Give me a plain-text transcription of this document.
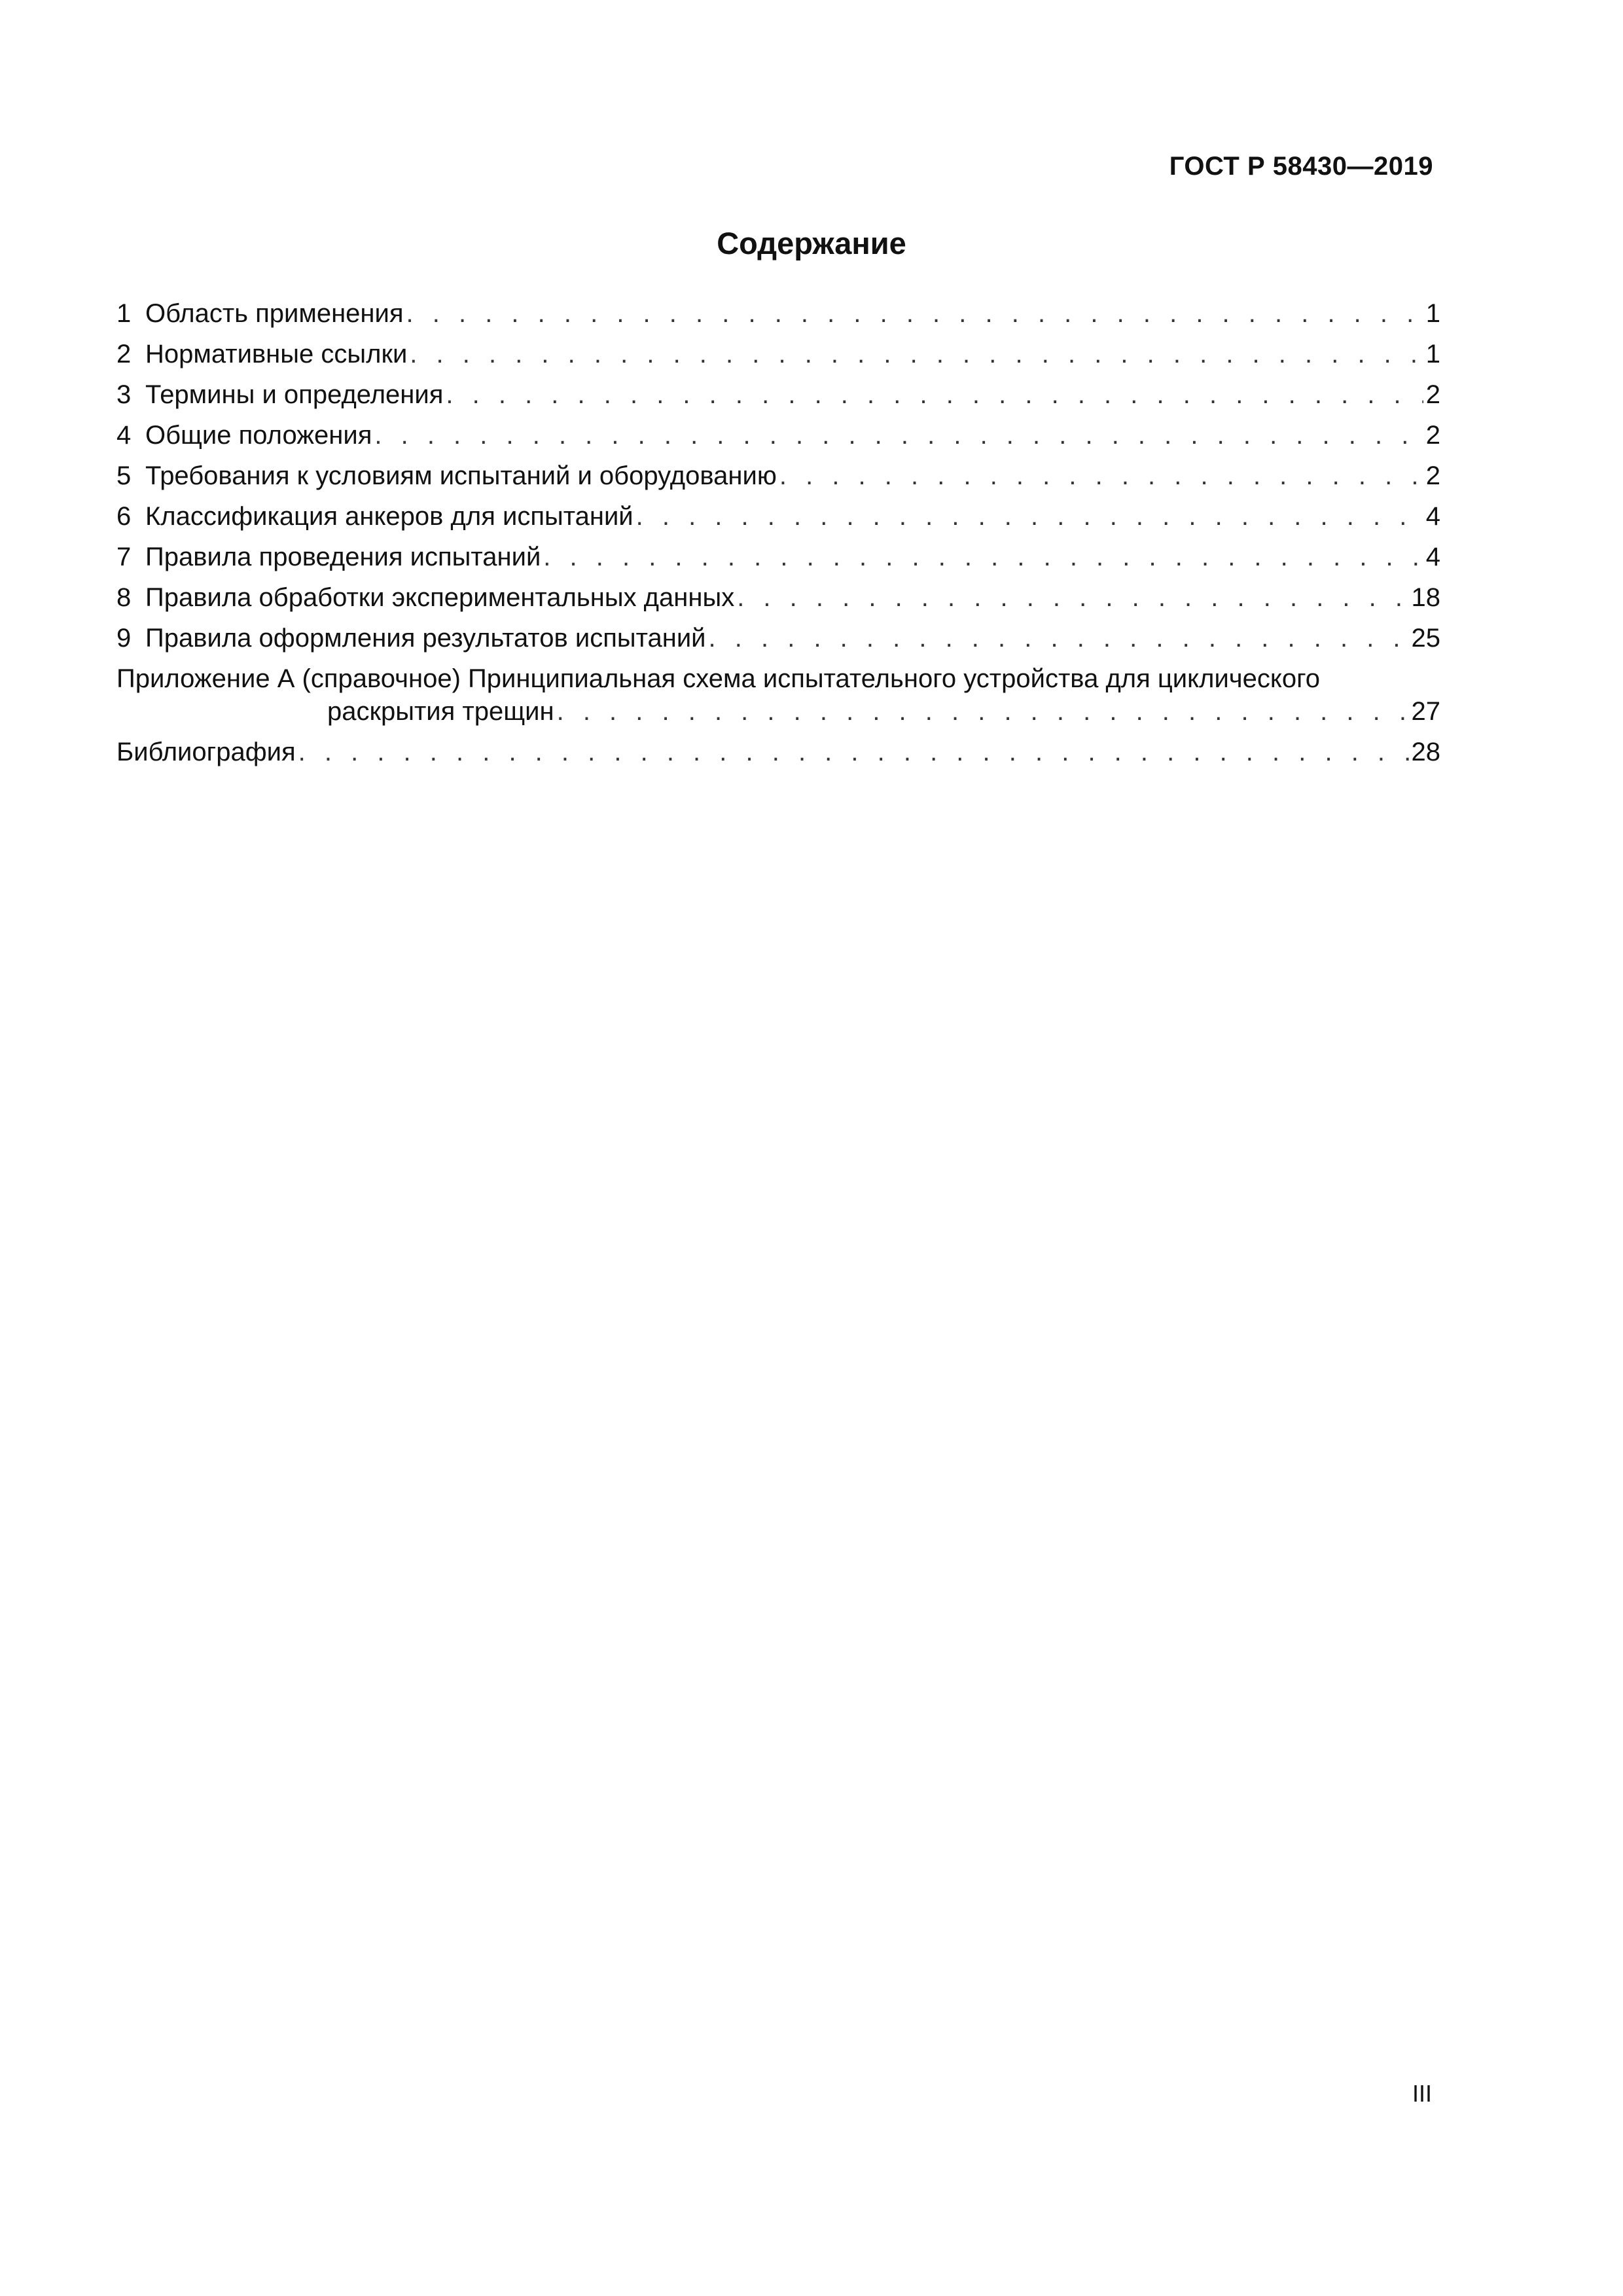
ГОСТ Р 58430—2019
Содержание
1 Область применения . . .	1
2 Нормативные ссылки . . .	1
3 Термины и определения . . .	2
4 Общие положения . . .	2
5 Требования к условиям испытаний и оборудованию . . .	2
6 Классификация анкеров для испытаний . . .	4
7 Правила проведения испытаний . . .	4
8 Правила обработки экспериментальных данных . . .	18
9 Правила оформления результатов испытаний . . .	25
Приложение А (справочное) Принципиальная схема испытательного устройства для циклического
раскрытия трещин . . .	27
Библиография . . .	28
III
